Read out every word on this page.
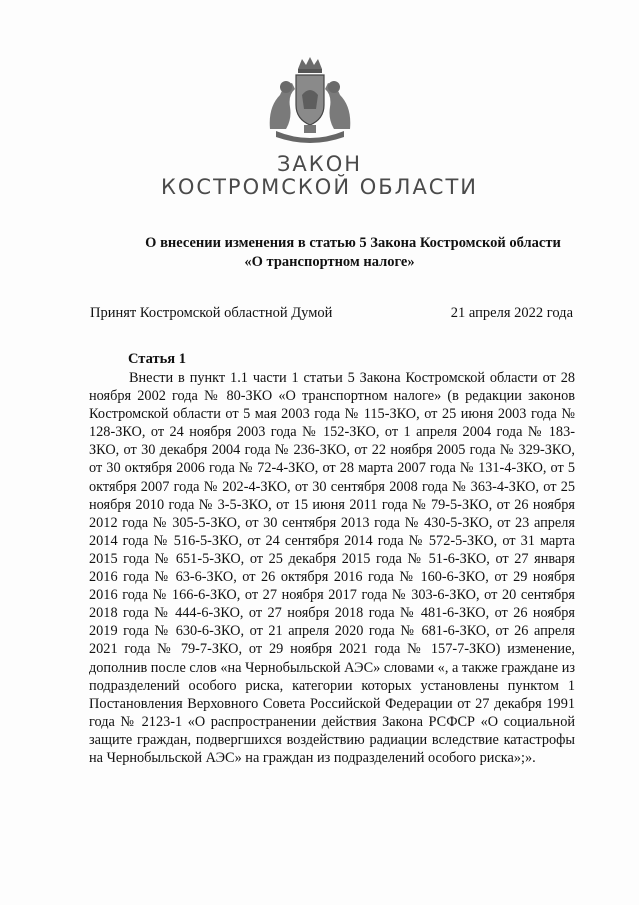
ЗАКОН
КОСТРОМСКОЙ ОБЛАСТИ
О внесении изменения в статью 5 Закона Костромской области
«О транспортном налоге»
Принят Костромской областной Думой	21 апреля 2022 года
Статья 1
Внести в пункт 1.1 части 1 статьи 5 Закона Костромской области от 28 ноября 2002 года № 80-ЗКО «О транспортном налоге» (в редакции законов Костромской области от 5 мая 2003 года № 115-ЗКО, от 25 июня 2003 года № 128-ЗКО, от 24 ноября 2003 года № 152-ЗКО, от 1 апреля 2004 года № 183-ЗКО, от 30 декабря 2004 года № 236-ЗКО, от 22 ноября 2005 года № 329-ЗКО, от 30 октября 2006 года № 72-4-ЗКО, от 28 марта 2007 года № 131-4-ЗКО, от 5 октября 2007 года № 202-4-ЗКО, от 30 сентября 2008 года № 363-4-ЗКО, от 25 ноября 2010 года № 3-5-ЗКО, от 15 июня 2011 года № 79-5-ЗКО, от 26 ноября 2012 года № 305-5-ЗКО, от 30 сентября 2013 года № 430-5-ЗКО, от 23 апреля 2014 года № 516-5-ЗКО, от 24 сентября 2014 года № 572-5-ЗКО, от 31 марта 2015 года № 651-5-ЗКО, от 25 декабря 2015 года № 51-6-ЗКО, от 27 января 2016 года № 63-6-ЗКО, от 26 октября 2016 года № 160-6-ЗКО, от 29 ноября 2016 года № 166-6-ЗКО, от 27 ноября 2017 года № 303-6-ЗКО, от 20 сентября 2018 года № 444-6-ЗКО, от 27 ноября 2018 года № 481-6-ЗКО, от 26 ноября 2019 года № 630-6-ЗКО, от 21 апреля 2020 года № 681-6-ЗКО, от 26 апреля 2021 года № 79-7-ЗКО, от 29 ноября 2021 года № 157-7-ЗКО) изменение, дополнив после слов «на Чернобыльской АЭС» словами «, а также граждане из подразделений особого риска, категории которых установлены пунктом 1 Постановления Верховного Совета Российской Федерации от 27 декабря 1991 года № 2123-1 «О распространении действия Закона РСФСР «О социальной защите граждан, подвергшихся воздействию радиации вследствие катастрофы на Чернобыльской АЭС» на граждан из подразделений особого риска»;».
